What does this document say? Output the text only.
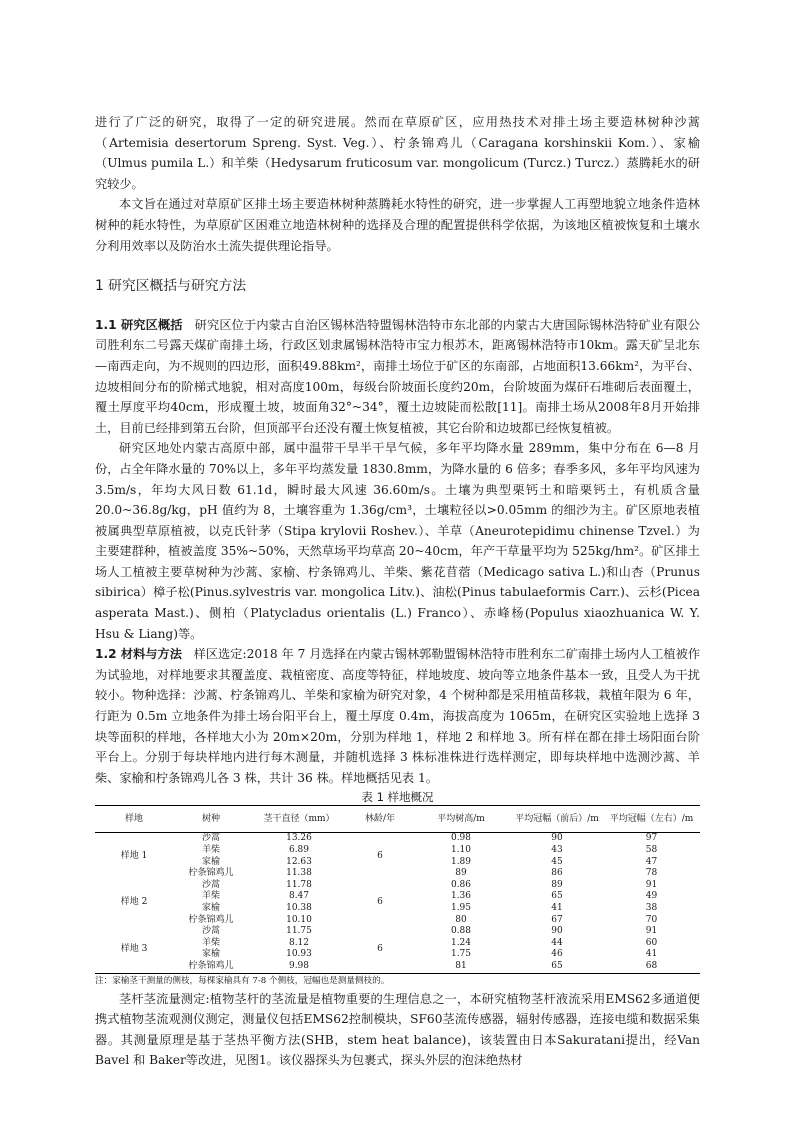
进行了广泛的研究，取得了一定的研究进展。然而在草原矿区，应用热技术对排土场主要造林树种沙蒿（Artemisia desertorum Spreng. Syst. Veg.）、柠条锦鸡儿（Caragana korshinskii Kom.）、家榆（Ulmus pumila L.）和羊柴（Hedysarum fruticosum var. mongolicum (Turcz.) Turcz.）蒸腾耗水的研究较少。

本文旨在通过对草原矿区排土场主要造林树种蒸腾耗水特性的研究，进一步掌握人工再塑地貌立地条件造林树种的耗水特性，为草原矿区困难立地造林树种的选择及合理的配置提供科学依据，为该地区植被恢复和土壤水分利用效率以及防治水土流失提供理论指导。

1 研究区概括与研究方法

1.1 研究区概括 研究区位于内蒙古自治区锡林浩特盟锡林浩特市东北部的内蒙古大唐国际锡林浩特矿业有限公司胜利东二号露天煤矿南排土场，行政区划隶属锡林浩特市宝力根苏木，距离锡林浩特市10km。露天矿呈北东—南西走向，为不规则的四边形，面积49.88km²，南排土场位于矿区的东南部，占地面积13.66km²，为平台、边坡相间分布的阶梯式地貌，相对高度100m，每级台阶坡面长度约20m，台阶坡面为煤矸石堆砌后表面覆土，覆土厚度平均40cm，形成覆土坡，坡面角32°~34°，覆土边坡陡而松散[11]。南排土场从2008年8月开始排土，目前已经排到第五台阶，但顶部平台还没有覆土恢复植被，其它台阶和边坡都已经恢复植被。

研究区地处内蒙古高原中部，属中温带干旱半干旱气候，多年平均降水量 289mm，集中分布在 6—8 月份，占全年降水量的 70%以上，多年平均蒸发量 1830.8mm，为降水量的 6 倍多；春季多风，多年平均风速为 3.5m/s，年均大风日数 61.1d，瞬时最大风速 36.60m/s。土壤为典型栗钙土和暗栗钙土，有机质含量 20.0~36.8g/kg，pH 值约为 8，土壤容重为 1.36g/cm³，土壤粒径以>0.05mm 的细沙为主。矿区原地表植被属典型草原植被，以克氏针茅（Stipa krylovii Roshev.）、羊草（Aneurotepidimu chinense Tzvel.）为主要建群种，植被盖度 35%~50%，天然草场平均草高 20~40cm，年产干草量平均为 525kg/hm²。矿区排土场人工植被主要草树种为沙蒿、家榆、柠条锦鸡儿、羊柴、紫花苜蓿（Medicago sativa L.)和山杏（Prunus sibirica）樟子松(Pinus.sylvestris var. mongolica Litv.)、油松(Pinus tabulaeformis Carr.)、云杉(Picea asperata Mast.)、侧柏（Platycladus orientalis (L.) Franco）、赤峰杨(Populus xiaozhuanica W. Y. Hsu & Liang)等。

1.2 材料与方法 样区选定:2018 年 7 月选择在内蒙古锡林郭勒盟锡林浩特市胜利东二矿南排土场内人工植被作为试验地，对样地要求其覆盖度、栽植密度、高度等特征，样地坡度、坡向等立地条件基本一致，且受人为干扰较小。物种选择：沙蒿、柠条锦鸡儿、羊柴和家榆为研究对象，4 个树种都是采用植苗移栽，栽植年限为 6 年，行距为 0.5m 立地条件为排土场台阳平台上，覆土厚度 0.4m，海拔高度为 1065m，在研究区实验地上选择 3 块等面积的样地，各样地大小为 20m×20m，分别为样地 1，样地 2 和样地 3。所有样在都在排土场阳面台阶平台上。分别于每块样地内进行每木测量，并随机选择 3 株标准株进行选样测定，即每块样地中选测沙蒿、羊柴、家榆和柠条锦鸡儿各 3 株，共计 36 株。样地概括见表 1。

表 1 样地概况
样地	树种	茎干直径（mm）	林龄/年	平均树高/m	平均冠幅（前后）/m	平均冠幅（左右）/m
样地 1	沙蒿	13.26	6	0.98	90	97
	羊柴	6.89		1.10	43	58
	家榆	12.63		1.89	45	47
	柠条锦鸡儿	11.38		89	86	78
样地 2	沙蒿	11.78	6	0.86	89	91
	羊柴	8.47		1.36	65	49
	家榆	10.38		1.95	41	38
	柠条锦鸡儿	10.10		80	67	70
样地 3	沙蒿	11.75	6	0.88	90	91
	羊柴	8.12		1.24	44	60
	家榆	10.93		1.75	46	41
	柠条锦鸡儿	9.98		81	65	68
注：家榆茎干测量的侧枝，每棵家榆具有 7-8 个侧枝，冠幅也是测量侧枝的。

茎杆茎流量测定:植物茎杆的茎流量是植物重要的生理信息之一，本研究植物茎杆液流采用EMS62多通道便携式植物茎流观测仪测定，测量仪包括EMS62控制模块，SF60茎流传感器，辐射传感器，连接电缆和数据采集器。其测量原理是基于茎热平衡方法(SHB，stem heat balance)，该装置由日本Sakuratani提出，经Van Bavel 和 Baker等改进，见图1。该仪器探头为包裹式，探头外层的泡沫绝热材
